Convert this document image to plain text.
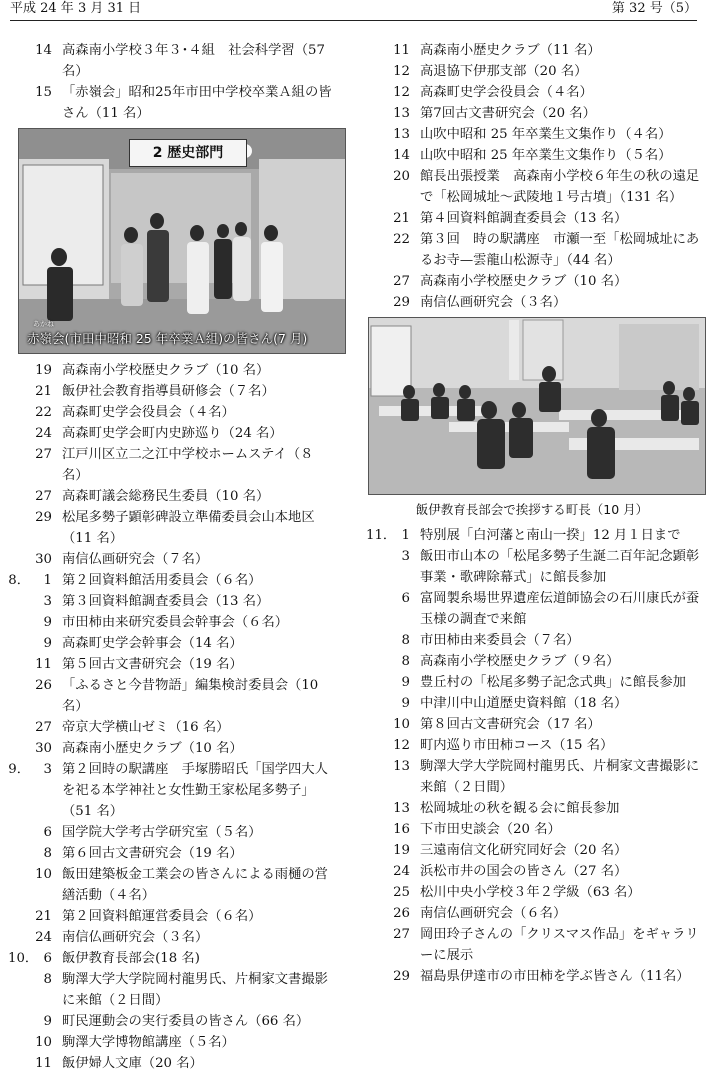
平成 24 年 3 月 31 日	第 32 号（5）
14 高森南小学校３年３･４組　社会科学習（57 名）
15 「赤嶺会」昭和25年市田中学校卒業Ａ組の皆さん（11 名）
2 歴史部門
あかね
赤嶺会(市田中昭和 25 年卒業Ａ組)の皆さん(7 月)
19 高森南小学校歴史クラブ（10 名）
21 飯伊社会教育指導員研修会（７名）
22 高森町史学会役員会（４名）
24 高森町史学会町内史跡巡り（24 名）
27 江戸川区立二之江中学校ホームステイ（８名）
27 高森町議会総務民生委員（10 名）
29 松尾多勢子顕彰碑設立準備委員会山本地区（11 名）
30 南信仏画研究会（７名）
8．	1 第２回資料館活用委員会（６名）
3 第３回資料館調査委員会（13 名）
9 市田柿由来研究委員会幹事会（６名）
9 高森町史学会幹事会（14 名）
11 第５回古文書研究会（19 名）
26 「ふるさと今昔物語」編集検討委員会（10 名）
27 帝京大学横山ゼミ（16 名）
30 高森南小歴史クラブ（10 名）
9．	3 第２回時の駅講座　手塚勝昭氏「国学四大人を祀る本学神社と女性勤王家松尾多勢子」（51 名）
6 国学院大学考古学研究室（５名）
8 第６回古文書研究会（19 名）
10 飯田建築板金工業会の皆さんによる雨樋の営繕活動（４名）
21 第２回資料館運営委員会（６名）
24 南信仏画研究会（３名）
10． 6 飯伊教育長部会(18 名)
8 駒澤大学大学院岡村龍男氏、片桐家文書撮影に来館（２日間）
9 町民運動会の実行委員の皆さん（66 名）
10 駒澤大学博物館講座（５名）
11 飯伊婦人文庫（20 名）
11 高森南小歴史クラブ（11 名）
12 高退協下伊那支部（20 名）
12 高森町史学会役員会（４名）
13 第7回古文書研究会（20 名）
13 山吹中昭和 25 年卒業生文集作り（４名）
14 山吹中昭和 25 年卒業生文集作り（５名）
20 館長出張授業　高森南小学校６年生の秋の遠足で「松岡城址～武陵地１号古墳」（131 名）
21 第４回資料館調査委員会（13 名）
22 第３回　時の駅講座　市瀬一至「松岡城址にあるお寺—雲龍山松源寺」（44 名）
27 高森南小学校歴史クラブ（10 名）
29 南信仏画研究会（３名）
飯伊教育長部会で挨拶する町長（10 月）
11． 1 特別展「白河藩と南山一揆」12 月１日まで
3 飯田市山本の「松尾多勢子生誕二百年記念顕彰事業・歌碑除幕式」に館長参加
6 富岡製糸場世界遺産伝道師協会の石川康氏が蚕玉様の調査で来館
8 市田柿由来委員会（７名）
8 高森南小学校歴史クラブ（９名）
9 豊丘村の「松尾多勢子記念式典」に館長参加
9 中津川中山道歴史資料館（18 名）
10 第８回古文書研究会（17 名）
12 町内巡り市田柿コース（15 名）
13 駒澤大学大学院岡村龍男氏、片桐家文書撮影に来館（２日間）
13 松岡城址の秋を観る会に館長参加
16 下市田史談会（20 名）
19 三遠南信文化研究同好会（20 名）
24 浜松市井の国会の皆さん（27 名）
25 松川中央小学校３年２学級（63 名）
26 南信仏画研究会（６名）
27 岡田玲子さんの「クリスマス作品」をギャラリーに展示
29 福島県伊達市の市田柿を学ぶ皆さん（11名）
